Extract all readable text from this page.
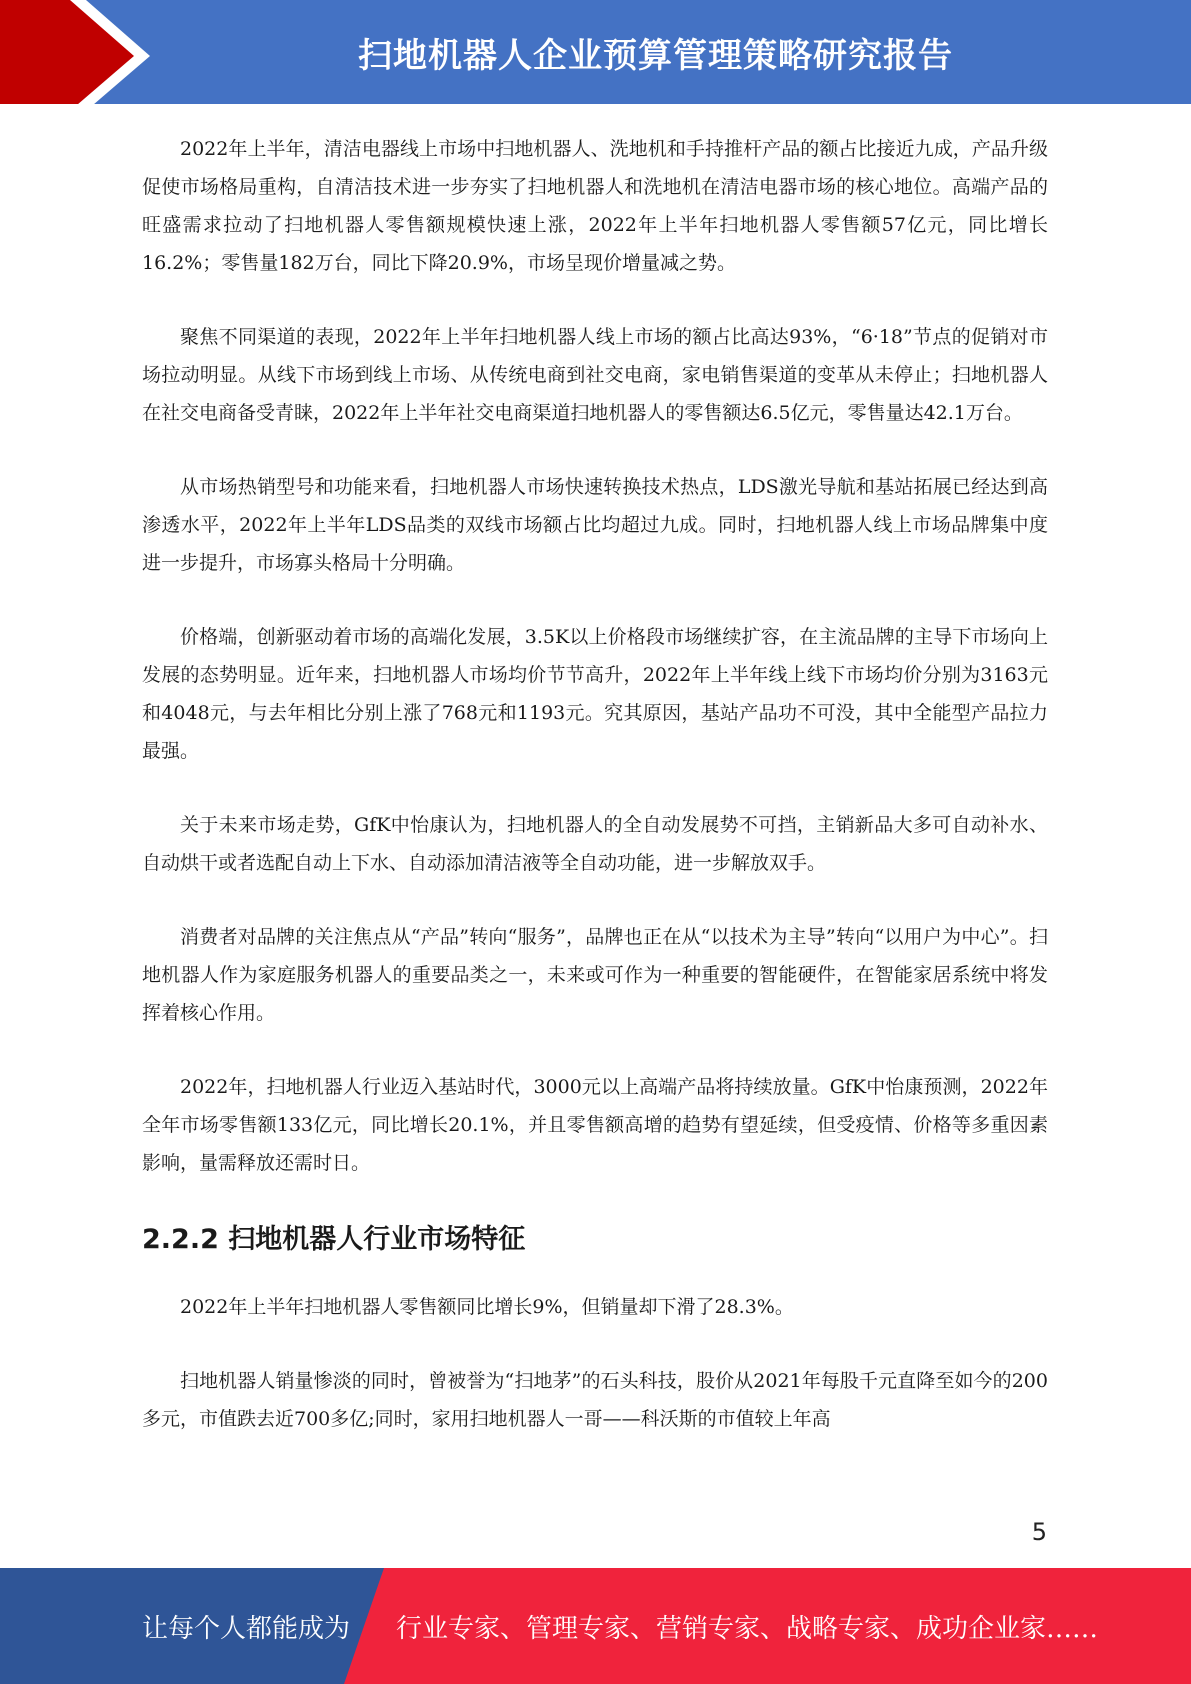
扫地机器人企业预算管理策略研究报告

2022年上半年，清洁电器线上市场中扫地机器人、洗地机和手持推杆产品的额占比接近九成，产品升级促使市场格局重构，自清洁技术进一步夯实了扫地机器人和洗地机在清洁电器市场的核心地位。高端产品的旺盛需求拉动了扫地机器人零售额规模快速上涨，2022年上半年扫地机器人零售额57亿元，同比增长16.2%；零售量182万台，同比下降20.9%，市场呈现价增量减之势。

聚焦不同渠道的表现，2022年上半年扫地机器人线上市场的额占比高达93%，“6·18”节点的促销对市场拉动明显。从线下市场到线上市场、从传统电商到社交电商，家电销售渠道的变革从未停止；扫地机器人在社交电商备受青睐，2022年上半年社交电商渠道扫地机器人的零售额达6.5亿元，零售量达42.1万台。

从市场热销型号和功能来看，扫地机器人市场快速转换技术热点，LDS激光导航和基站拓展已经达到高渗透水平，2022年上半年LDS品类的双线市场额占比均超过九成。同时，扫地机器人线上市场品牌集中度进一步提升，市场寡头格局十分明确。

价格端，创新驱动着市场的高端化发展，3.5K以上价格段市场继续扩容，在主流品牌的主导下市场向上发展的态势明显。近年来，扫地机器人市场均价节节高升，2022年上半年线上线下市场均价分别为3163元和4048元，与去年相比分别上涨了768元和1193元。究其原因，基站产品功不可没，其中全能型产品拉力最强。

关于未来市场走势，GfK中怡康认为，扫地机器人的全自动发展势不可挡，主销新品大多可自动补水、自动烘干或者选配自动上下水、自动添加清洁液等全自动功能，进一步解放双手。

消费者对品牌的关注焦点从“产品”转向“服务”，品牌也正在从“以技术为主导”转向“以用户为中心”。扫地机器人作为家庭服务机器人的重要品类之一，未来或可作为一种重要的智能硬件，在智能家居系统中将发挥着核心作用。

2022年，扫地机器人行业迈入基站时代，3000元以上高端产品将持续放量。GfK中怡康预测，2022年全年市场零售额133亿元，同比增长20.1%，并且零售额高增的趋势有望延续，但受疫情、价格等多重因素影响，量需释放还需时日。

2.2.2 扫地机器人行业市场特征

2022年上半年扫地机器人零售额同比增长9%，但销量却下滑了28.3%。

扫地机器人销量惨淡的同时，曾被誉为“扫地茅”的石头科技，股价从2021年每股千元直降至如今的200多元，市值跌去近700多亿;同时，家用扫地机器人一哥——科沃斯的市值较上年高

5
让每个人都能成为 行业专家、管理专家、营销专家、战略专家、成功企业家……
